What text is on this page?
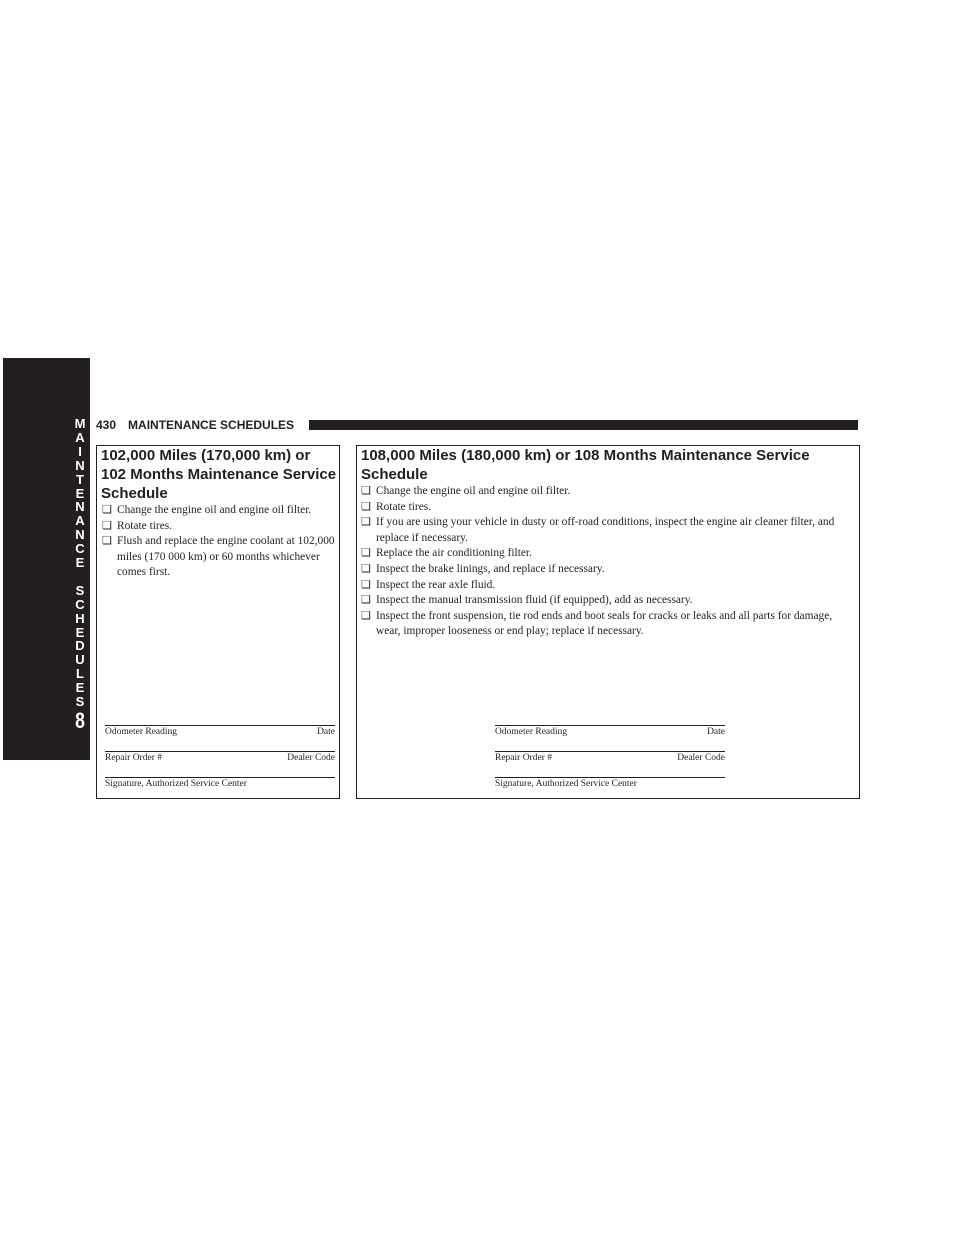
M
A
I
N
T
E
N
A
N
C
E
S
C
H
E
D
U
L
E
S
8
430 MAINTENANCE SCHEDULES
102,000 Miles (170,000 km) or 102 Months Maintenance Service Schedule
❑ Change the engine oil and engine oil filter.
❑ Rotate tires.
❑ Flush and replace the engine coolant at 102,000 miles (170 000 km) or 60 months whichever comes first.
Odometer Reading	Date
Repair Order #	Dealer Code
Signature, Authorized Service Center
108,000 Miles (180,000 km) or 108 Months Maintenance Service Schedule
❑ Change the engine oil and engine oil filter.
❑ Rotate tires.
❑ If you are using your vehicle in dusty or off-road conditions, inspect the engine air cleaner filter, and replace if necessary.
❑ Replace the air conditioning filter.
❑ Inspect the brake linings, and replace if necessary.
❑ Inspect the rear axle fluid.
❑ Inspect the manual transmission fluid (if equipped), add as necessary.
❑ Inspect the front suspension, tie rod ends and boot seals for cracks or leaks and all parts for damage, wear, improper looseness or end play; replace if necessary.
Odometer Reading	Date
Repair Order #	Dealer Code
Signature, Authorized Service Center
